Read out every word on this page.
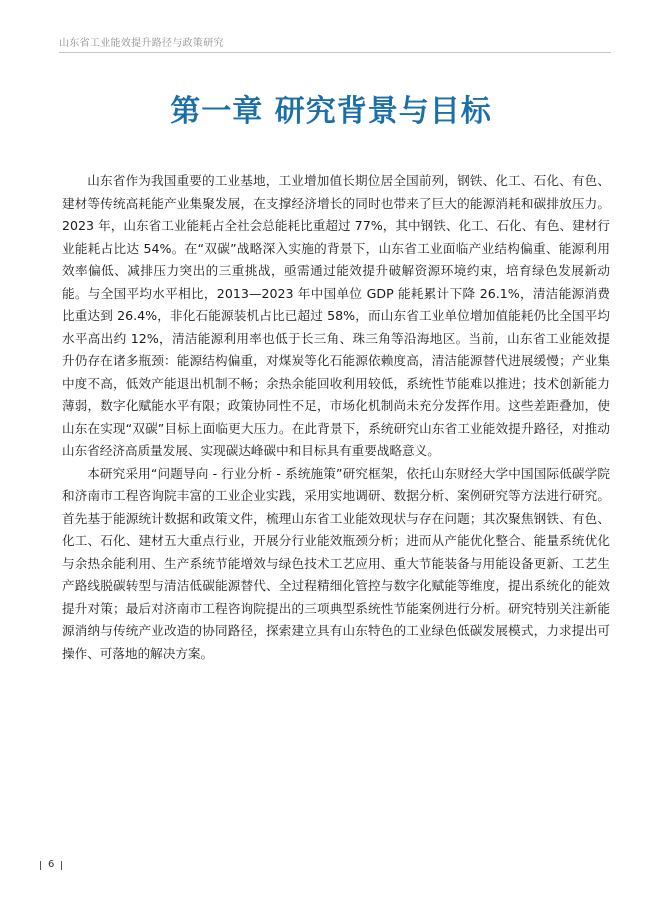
山东省工业能效提升路径与政策研究
第一章 研究背景与目标

山东省作为我国重要的工业基地，工业增加值长期位居全国前列，钢铁、化工、石化、有色、建材等传统高耗能产业集聚发展，在支撑经济增长的同时也带来了巨大的能源消耗和碳排放压力。2023 年，山东省工业能耗占全社会总能耗比重超过 77%，其中钢铁、化工、石化、有色、建材行业能耗占比达 54%。在“双碳”战略深入实施的背景下，山东省工业面临产业结构偏重、能源利用效率偏低、减排压力突出的三重挑战，亟需通过能效提升破解资源环境约束，培育绿色发展新动能。与全国平均水平相比，2013—2023 年中国单位 GDP 能耗累计下降 26.1%，清洁能源消费比重达到 26.4%，非化石能源装机占比已超过 58%，而山东省工业单位增加值能耗仍比全国平均水平高出约 12%，清洁能源利用率也低于长三角、珠三角等沿海地区。当前，山东省工业能效提升仍存在诸多瓶颈：能源结构偏重，对煤炭等化石能源依赖度高，清洁能源替代进展缓慢；产业集中度不高，低效产能退出机制不畅；余热余能回收利用较低，系统性节能难以推进；技术创新能力薄弱，数字化赋能水平有限；政策协同性不足，市场化机制尚未充分发挥作用。这些差距叠加，使山东在实现“双碳”目标上面临更大压力。在此背景下，系统研究山东省工业能效提升路径，对推动山东省经济高质量发展、实现碳达峰碳中和目标具有重要战略意义。

本研究采用“问题导向 - 行业分析 - 系统施策”研究框架，依托山东财经大学中国国际低碳学院和济南市工程咨询院丰富的工业企业实践，采用实地调研、数据分析、案例研究等方法进行研究。首先基于能源统计数据和政策文件，梳理山东省工业能效现状与存在问题；其次聚焦钢铁、有色、化工、石化、建材五大重点行业，开展分行业能效瓶颈分析；进而从产能优化整合、能量系统优化与余热余能利用、生产系统节能增效与绿色技术工艺应用、重大节能装备与用能设备更新、工艺生产路线脱碳转型与清洁低碳能源替代、全过程精细化管控与数字化赋能等维度，提出系统化的能效提升对策；最后对济南市工程咨询院提出的三项典型系统性节能案例进行分析。研究特别关注新能源消纳与传统产业改造的协同路径，探索建立具有山东特色的工业绿色低碳发展模式，力求提出可操作、可落地的解决方案。

6
